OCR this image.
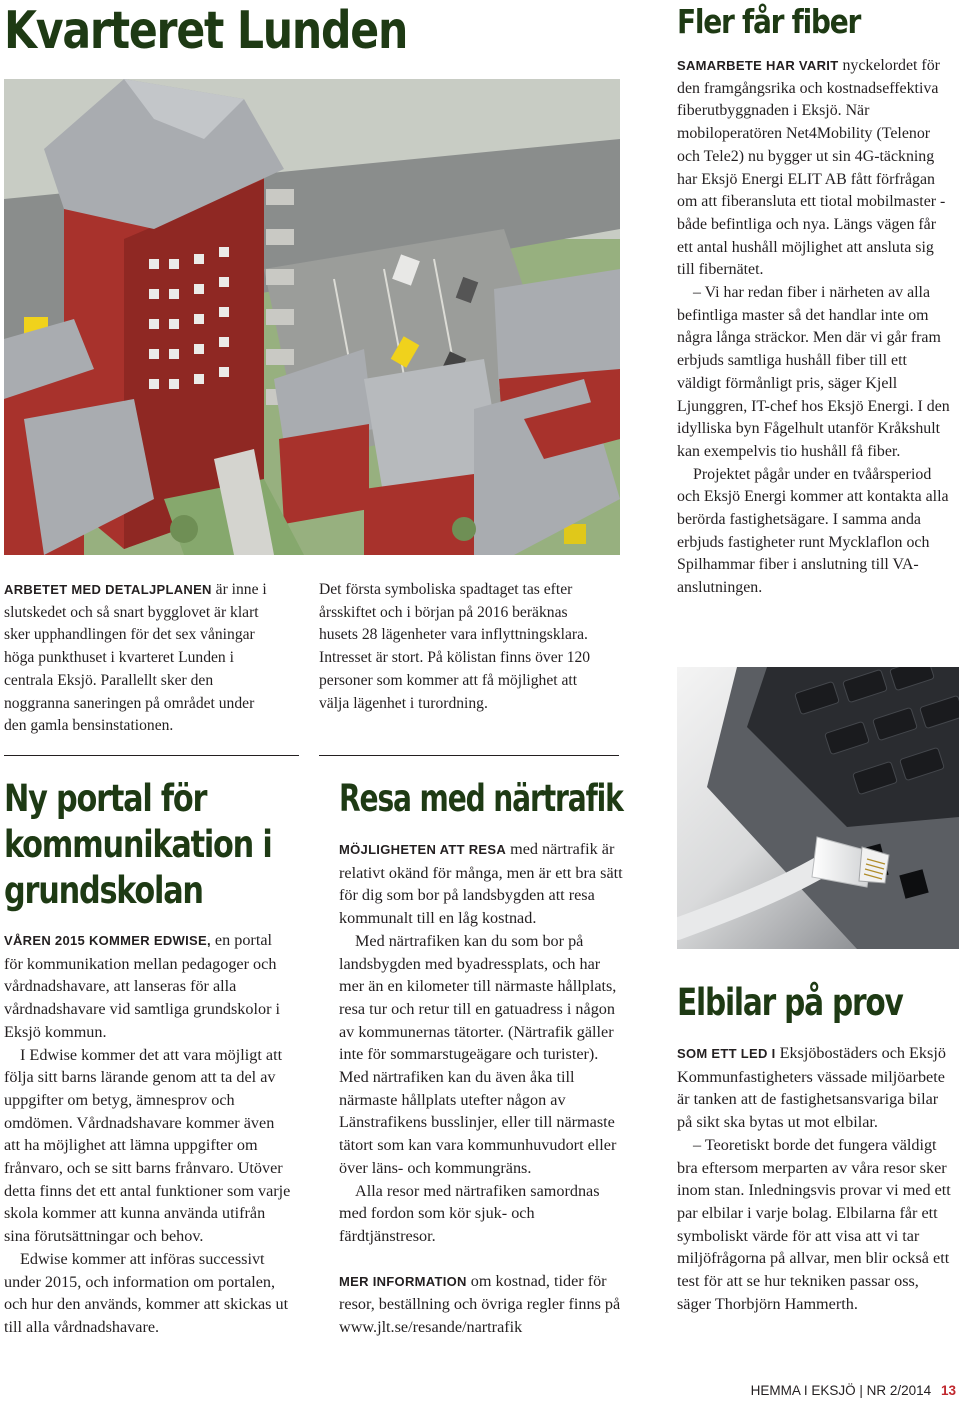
Kvarteret Lunden

ARBETET MED DETALJPLANEN är inne i slutskedet och så snart bygglovet är klart sker upphandlingen för det sex våningar höga punkthuset i kvarteret Lunden i centrala Eksjö. Parallellt sker den noggranna saneringen på området under den gamla bensinstationen.

Det första symboliska spadtaget tas efter årsskiftet och i början på 2016 beräknas husets 28 lägenheter vara inflyttningsklara. Intresset är stort. På kölistan finns över 120 personer som kommer att få möjlighet att välja lägenhet i turordning.

Fler får fiber

SAMARBETE HAR VARIT nyckelordet för den framgångsrika och kostnadseffektiva fiberutbyggnaden i Eksjö. När mobiloperatören Net4Mobility (Telenor och Tele2) nu bygger ut sin 4G-täckning har Eksjö Energi ELIT AB fått förfrågan om att fiberansluta ett tiotal mobilmaster - både befintliga och nya. Längs vägen får ett antal hushåll möjlighet att ansluta sig till fibernätet.

– Vi har redan fiber i närheten av alla befintliga master så det handlar inte om några långa sträckor. Men där vi går fram erbjuds samtliga hushåll fiber till ett väldigt förmånligt pris, säger Kjell Ljunggren, IT-chef hos Eksjö Energi. I den idylliska byn Fågelhult utanför Kråkshult kan exempelvis tio hushåll få fiber.

Projektet pågår under en tvåårsperiod och Eksjö Energi kommer att kontakta alla berörda fastighetsägare. I samma anda erbjuds fastigheter runt Mycklaflon och Spilhammar fiber i anslutning till VA-anslutningen.

Ny portal för
kommunikation i
grundskolan

VÅREN 2015 KOMMER EDWISE, en portal för kommunikation mellan pedagoger och vårdnadshavare, att lanseras för alla vårdnadshavare vid samtliga grundskolor i Eksjö kommun.

I Edwise kommer det att vara möjligt att följa sitt barns lärande genom att ta del av uppgifter om betyg, ämnesprov och omdömen. Vårdnadshavare kommer även att ha möjlighet att lämna uppgifter om frånvaro, och se sitt barns frånvaro. Utöver detta finns det ett antal funktioner som varje skola kommer att kunna använda utifrån sina förutsättningar och behov.

Edwise kommer att införas successivt under 2015, och information om portalen, och hur den används, kommer att skickas ut till alla vårdnadshavare.

Resa med närtrafik

MÖJLIGHETEN ATT RESA med närtrafik är relativt okänd för många, men är ett bra sätt för dig som bor på landsbygden att resa kommunalt till en låg kostnad.

Med närtrafiken kan du som bor på landsbygden med byadressplats, och har mer än en kilometer till närmaste hållplats, resa tur och retur till en gatuadress i någon av kommunernas tätorter. (Närtrafik gäller inte för sommarstugeägare och turister). Med närtrafiken kan du även åka till närmaste hållplats utefter någon av Länstrafikens busslinjer, eller till närmaste tätort som kan vara kommunhuvudort eller över läns- och kommungräns.

Alla resor med närtrafiken samordnas med fordon som kör sjuk- och färdtjänstresor.

MER INFORMATION om kostnad, tider för resor, beställning och övriga regler finns på www.jlt.se/resande/nartrafik

Elbilar på prov

SOM ETT LED I Eksjöbostäders och Eksjö Kommunfastigheters vässade miljöarbete är tanken att de fastighetsansvariga bilar på sikt ska bytas ut mot elbilar.

– Teoretiskt borde det fungera väldigt bra eftersom merparten av våra resor sker inom stan. Inledningsvis provar vi med ett par elbilar i varje bolag. Elbilarna får ett symboliskt värde för att visa att vi tar miljöfrågorna på allvar, men blir också ett test för att se hur tekniken passar oss, säger Thorbjörn Hammerth.

HEMMA I EKSJÖ | NR 2/2014 13
